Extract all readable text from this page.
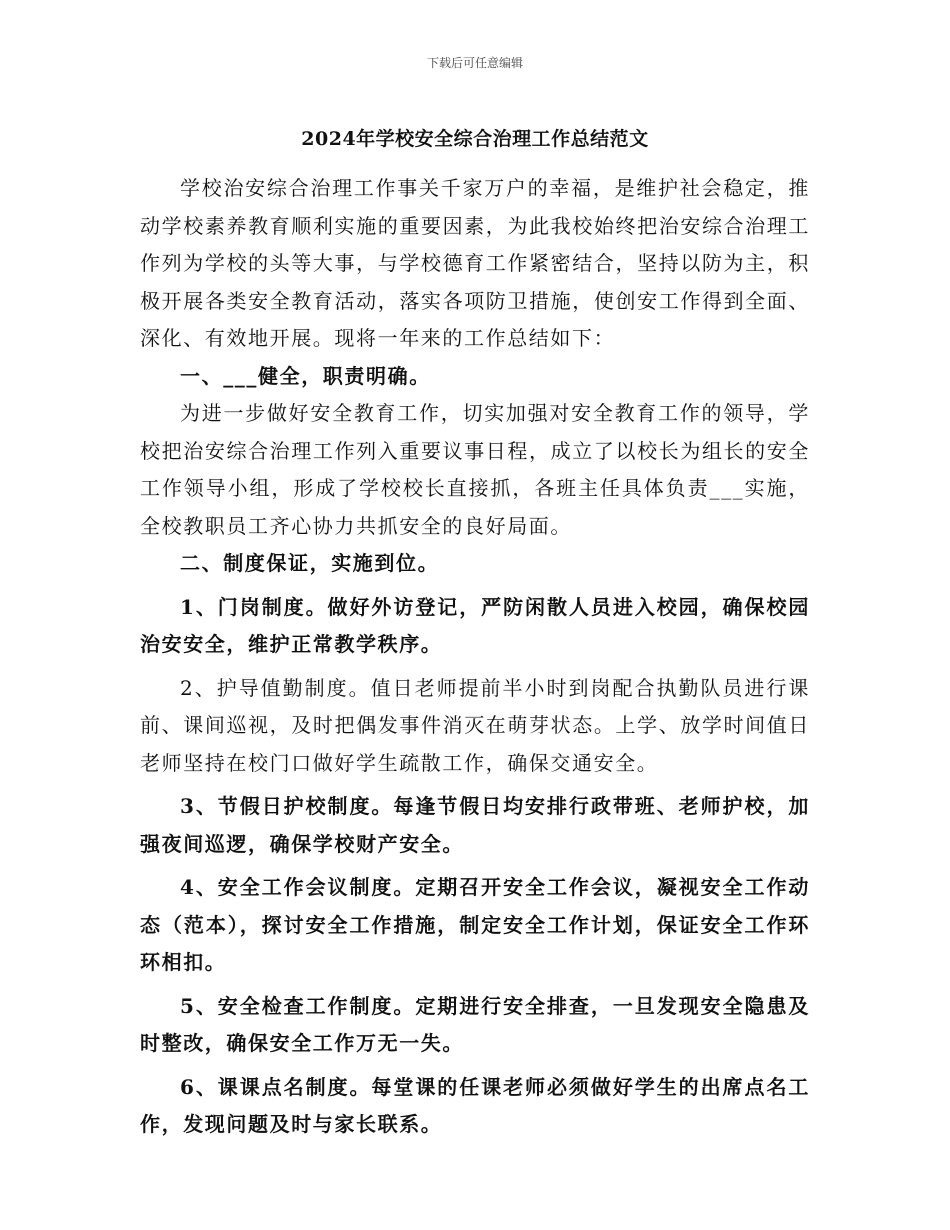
下载后可任意编辑
2024年学校安全综合治理工作总结范文

学校治安综合治理工作事关千家万户的幸福，是维护社会稳定，推动学校素养教育顺利实施的重要因素，为此我校始终把治安综合治理工作列为学校的头等大事，与学校德育工作紧密结合，坚持以防为主，积极开展各类安全教育活动，落实各项防卫措施，使创安工作得到全面、深化、有效地开展。现将一年来的工作总结如下：

一、___健全，职责明确。

为进一步做好安全教育工作，切实加强对安全教育工作的领导，学校把治安综合治理工作列入重要议事日程，成立了以校长为组长的安全工作领导小组，形成了学校校长直接抓，各班主任具体负责___实施，全校教职员工齐心协力共抓安全的良好局面。

二、制度保证，实施到位。

1、门岗制度。做好外访登记，严防闲散人员进入校园，确保校园治安安全，维护正常教学秩序。

2、护导值勤制度。值日老师提前半小时到岗配合执勤队员进行课前、课间巡视，及时把偶发事件消灭在萌芽状态。上学、放学时间值日老师坚持在校门口做好学生疏散工作，确保交通安全。

3、节假日护校制度。每逢节假日均安排行政带班、老师护校，加强夜间巡逻，确保学校财产安全。

4、安全工作会议制度。定期召开安全工作会议，凝视安全工作动态（范本），探讨安全工作措施，制定安全工作计划，保证安全工作环环相扣。

5、安全检查工作制度。定期进行安全排查，一旦发现安全隐患及时整改，确保安全工作万无一失。

6、课课点名制度。每堂课的任课老师必须做好学生的出席点名工作，发现问题及时与家长联系。
